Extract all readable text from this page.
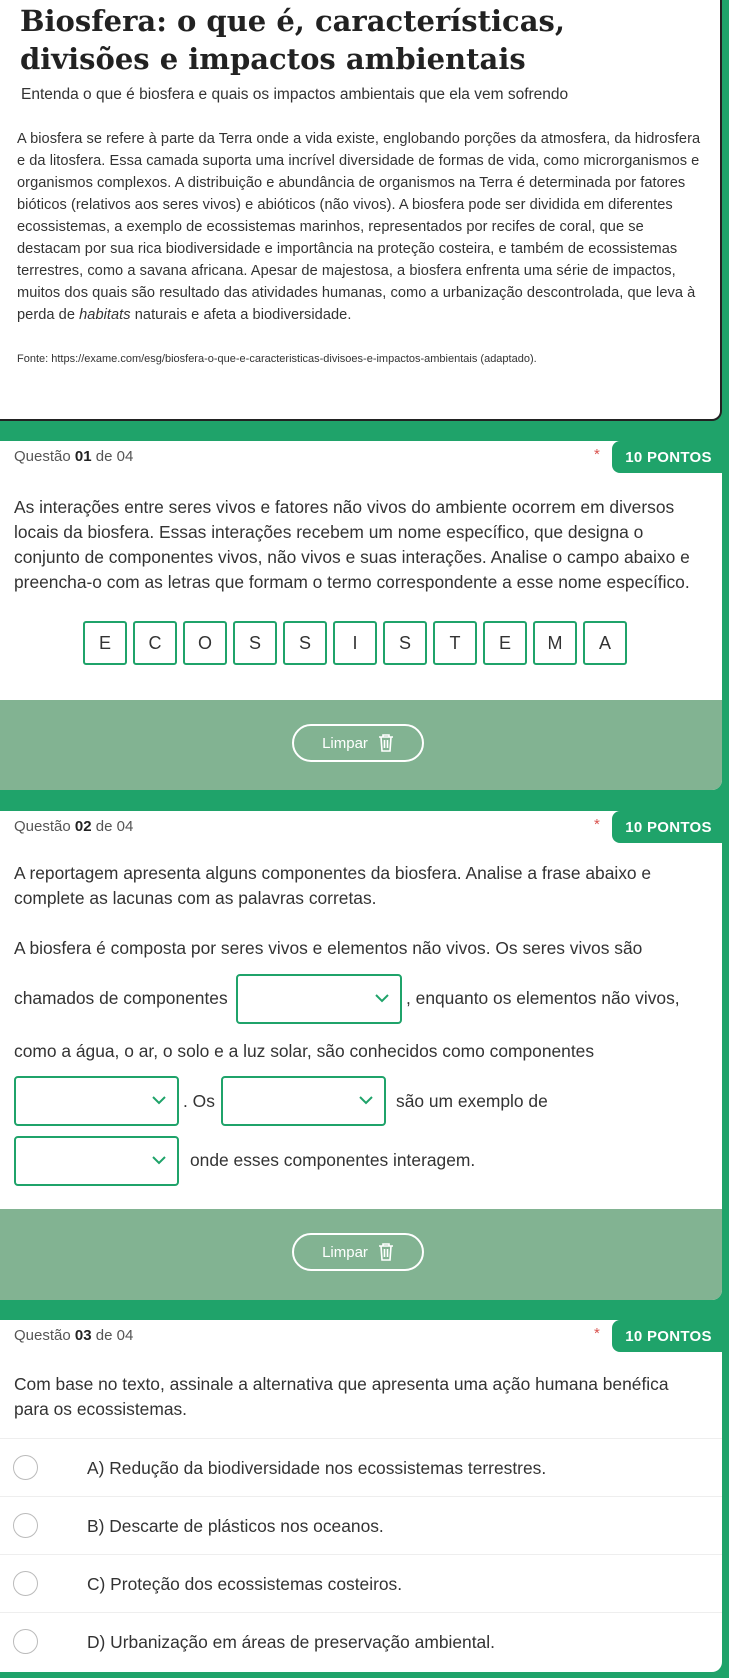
Biosfera: o que é, características, divisões e impactos ambientais
Entenda o que é biosfera e quais os impactos ambientais que ela vem sofrendo
A biosfera se refere à parte da Terra onde a vida existe, englobando porções da atmosfera, da hidrosfera e da litosfera. Essa camada suporta uma incrível diversidade de formas de vida, como microrganismos e organismos complexos. A distribuição e abundância de organismos na Terra é determinada por fatores bióticos (relativos aos seres vivos) e abióticos (não vivos). A biosfera pode ser dividida em diferentes ecossistemas, a exemplo de ecossistemas marinhos, representados por recifes de coral, que se destacam por sua rica biodiversidade e importância na proteção costeira, e também de ecossistemas terrestres, como a savana africana. Apesar de majestosa, a biosfera enfrenta uma série de impactos, muitos dos quais são resultado das atividades humanas, como a urbanização descontrolada, que leva à perda de habitats naturais e afeta a biodiversidade.
Fonte: https://exame.com/esg/biosfera-o-que-e-caracteristicas-divisoes-e-impactos-ambientais (adaptado).
Questão 01 de 04	*	10 PONTOS
As interações entre seres vivos e fatores não vivos do ambiente ocorrem em diversos locais da biosfera. Essas interações recebem um nome específico, que designa o conjunto de componentes vivos, não vivos e suas interações. Analise o campo abaixo e preencha-o com as letras que formam o termo correspondente a esse nome específico.
E	C	O	S	S	I	S	T	E	M	A
Limpar
Questão 02 de 04	*	10 PONTOS
A reportagem apresenta alguns componentes da biosfera. Analise a frase abaixo e complete as lacunas com as palavras corretas.
A biosfera é composta por seres vivos e elementos não vivos. Os seres vivos são
chamados de componentes	, enquanto os elementos não vivos,
como a água, o ar, o solo e a luz solar, são conhecidos como componentes
. Os	são um exemplo de
onde esses componentes interagem.
Limpar
Questão 03 de 04	*	10 PONTOS
Com base no texto, assinale a alternativa que apresenta uma ação humana benéfica para os ecossistemas.
A) Redução da biodiversidade nos ecossistemas terrestres.
B) Descarte de plásticos nos oceanos.
C) Proteção dos ecossistemas costeiros.
D) Urbanização em áreas de preservação ambiental.
